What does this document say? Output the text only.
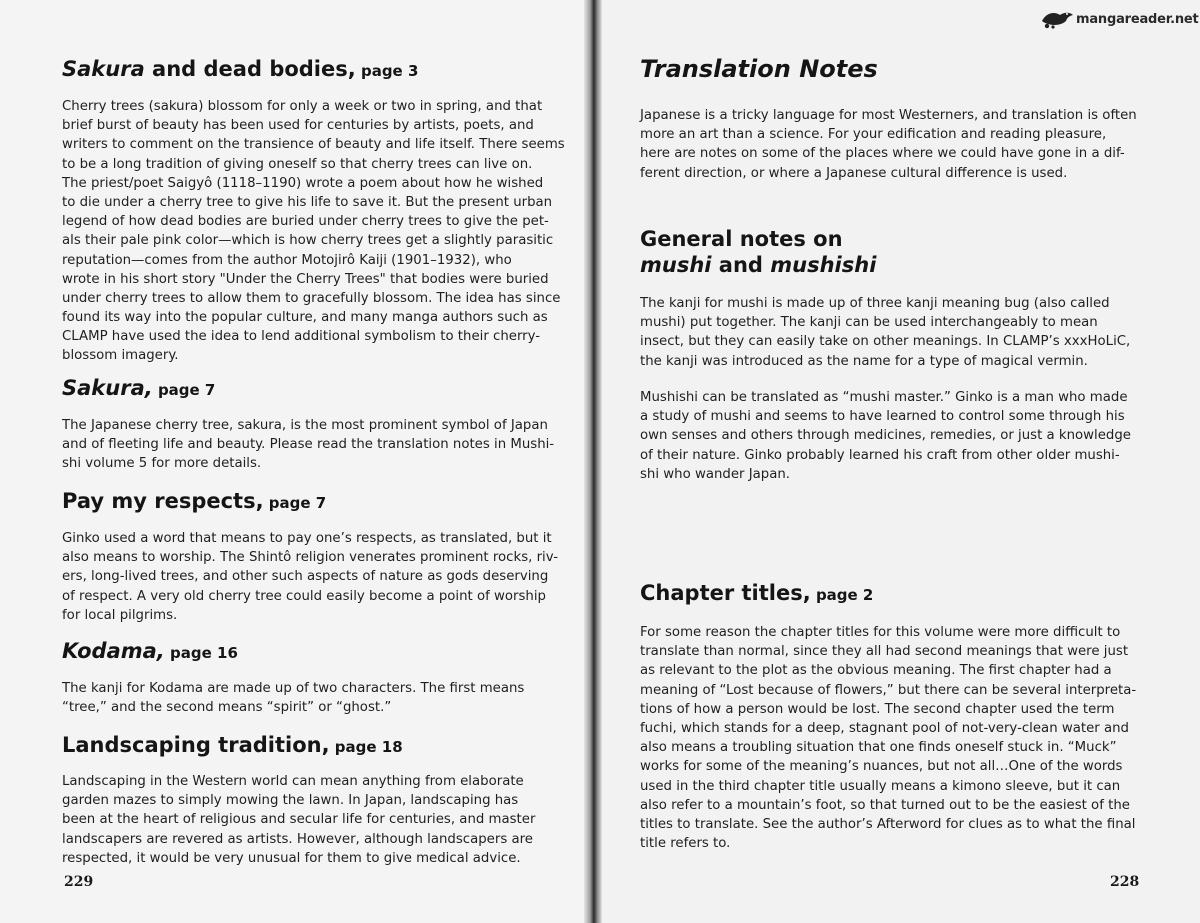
Sakura and dead bodies, page 3
Cherry trees (sakura) blossom for only a week or two in spring, and that
brief burst of beauty has been used for centuries by artists, poets, and
writers to comment on the transience of beauty and life itself. There seems
to be a long tradition of giving oneself so that cherry trees can live on.
The priest/poet Saigyô (1118–1190) wrote a poem about how he wished
to die under a cherry tree to give his life to save it. But the present urban
legend of how dead bodies are buried under cherry trees to give the pet-
als their pale pink color—which is how cherry trees get a slightly parasitic
reputation—comes from the author Motojirô Kaiji (1901–1932), who
wrote in his short story "Under the Cherry Trees" that bodies were buried
under cherry trees to allow them to gracefully blossom. The idea has since
found its way into the popular culture, and many manga authors such as
CLAMP have used the idea to lend additional symbolism to their cherry-
blossom imagery.
Sakura, page 7
The Japanese cherry tree, sakura, is the most prominent symbol of Japan
and of fleeting life and beauty. Please read the translation notes in Mushi-
shi volume 5 for more details.
Pay my respects, page 7
Ginko used a word that means to pay one’s respects, as translated, but it
also means to worship. The Shintô religion venerates prominent rocks, riv-
ers, long-lived trees, and other such aspects of nature as gods deserving
of respect. A very old cherry tree could easily become a point of worship
for local pilgrims.
Kodama, page 16
The kanji for Kodama are made up of two characters. The first means
“tree,” and the second means “spirit” or “ghost.”
Landscaping tradition, page 18
Landscaping in the Western world can mean anything from elaborate
garden mazes to simply mowing the lawn. In Japan, landscaping has
been at the heart of religious and secular life for centuries, and master
landscapers are revered as artists. However, although landscapers are
respected, it would be very unusual for them to give medical advice.
229
mangareader.net
Translation Notes
Japanese is a tricky language for most Westerners, and translation is often
more an art than a science. For your edification and reading pleasure,
here are notes on some of the places where we could have gone in a dif-
ferent direction, or where a Japanese cultural difference is used.
General notes on
mushi and mushishi
The kanji for mushi is made up of three kanji meaning bug (also called
mushi) put together. The kanji can be used interchangeably to mean
insect, but they can easily take on other meanings. In CLAMP’s xxxHoLiC,
the kanji was introduced as the name for a type of magical vermin.
Mushishi can be translated as “mushi master.” Ginko is a man who made
a study of mushi and seems to have learned to control some through his
own senses and others through medicines, remedies, or just a knowledge
of their nature. Ginko probably learned his craft from other older mushi-
shi who wander Japan.
Chapter titles, page 2
For some reason the chapter titles for this volume were more difficult to
translate than normal, since they all had second meanings that were just
as relevant to the plot as the obvious meaning. The first chapter had a
meaning of “Lost because of flowers,” but there can be several interpreta-
tions of how a person would be lost. The second chapter used the term
fuchi, which stands for a deep, stagnant pool of not-very-clean water and
also means a troubling situation that one finds oneself stuck in. “Muck”
works for some of the meaning’s nuances, but not all…One of the words
used in the third chapter title usually means a kimono sleeve, but it can
also refer to a mountain’s foot, so that turned out to be the easiest of the
titles to translate. See the author’s Afterword for clues as to what the final
title refers to.
228
